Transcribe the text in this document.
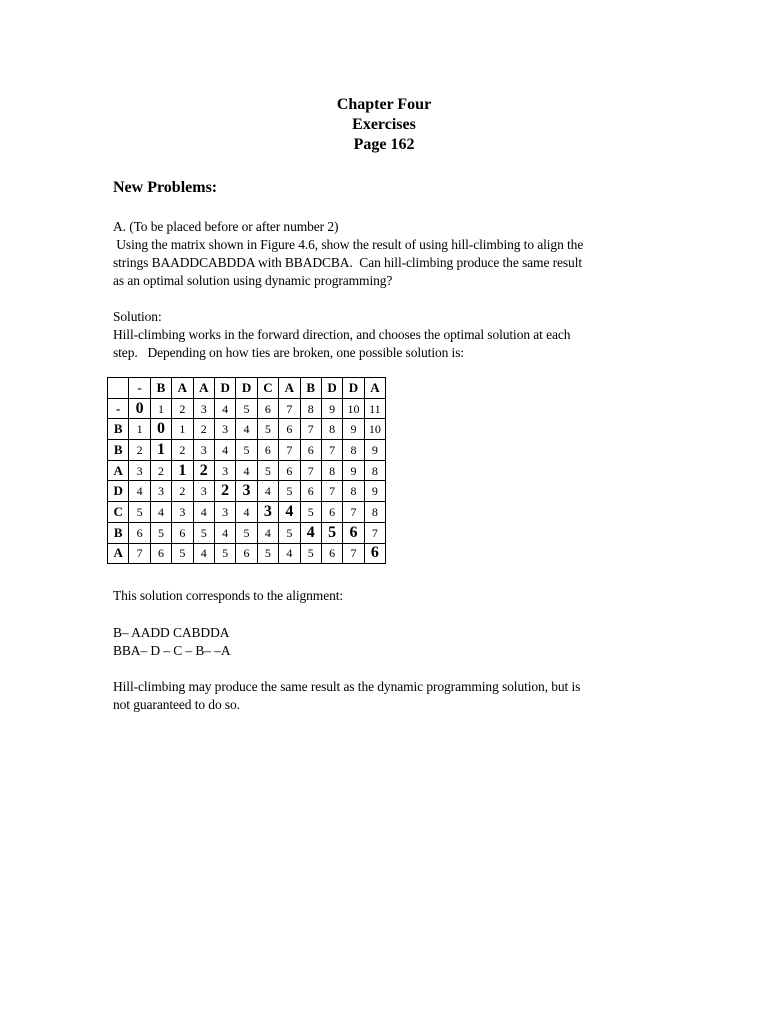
Chapter Four
Exercises
Page 162
New Problems:
A. (To be placed before or after number 2)
Using the matrix shown in Figure 4.6, show the result of using hill-climbing to align the
strings BAADDCABDDA with BBADCBA.  Can hill-climbing produce the same result
as an optimal solution using dynamic programming?
Solution:
Hill-climbing works in the forward direction, and chooses the optimal solution at each
step.   Depending on how ties are broken, one possible solution is:
	-	B	A	A	D	D	C	A	B	D	D	A
-	0	1	2	3	4	5	6	7	8	9	10	11
B	1	0	1	2	3	4	5	6	7	8	9	10
B	2	1	2	3	4	5	6	7	6	7	8	9
A	3	2	1	2	3	4	5	6	7	8	9	8
D	4	3	2	3	2	3	4	5	6	7	8	9
C	5	4	3	4	3	4	3	4	5	6	7	8
B	6	5	6	5	4	5	4	5	4	5	6	7
A	7	6	5	4	5	6	5	4	5	6	7	6
This solution corresponds to the alignment:
B– AADD CABDDA
BBA– D – C – B– –A
Hill-climbing may produce the same result as the dynamic programming solution, but is
not guaranteed to do so.
